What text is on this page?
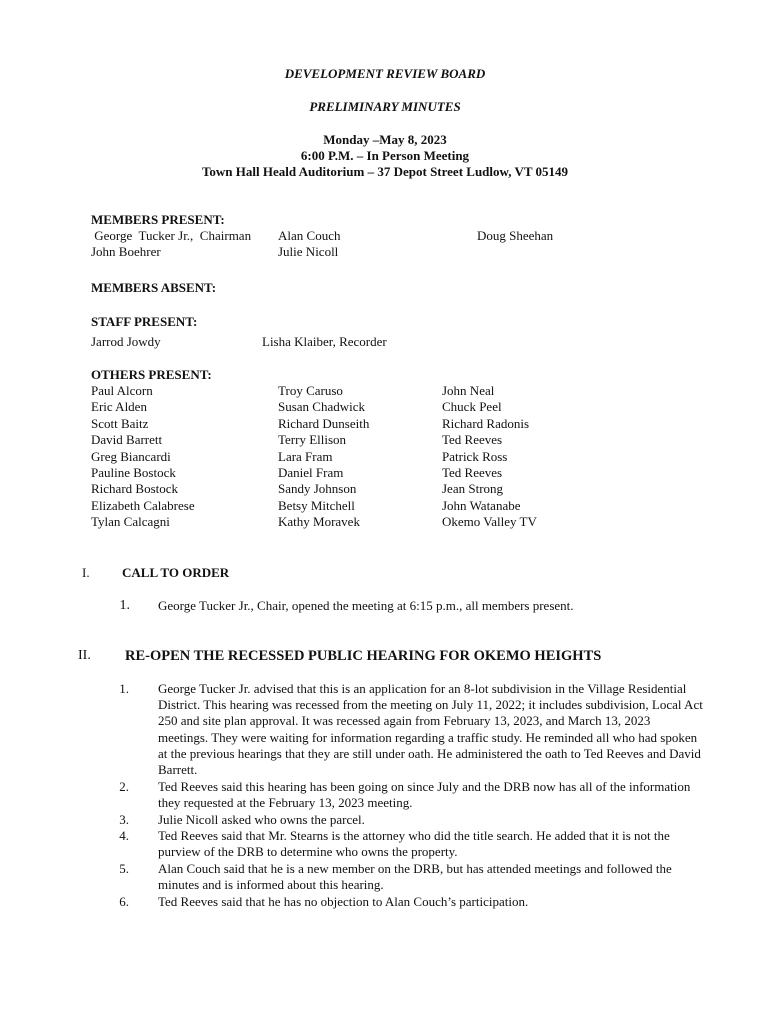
DEVELOPMENT REVIEW BOARD
PRELIMINARY MINUTES
Monday –May 8, 2023
6:00 P.M. – In Person Meeting
Town Hall Heald Auditorium – 37 Depot Street Ludlow, VT 05149
MEMBERS PRESENT:
George  Tucker Jr.,  Chairman
John Boehrer
Alan Couch
Julie Nicoll
Doug Sheehan
MEMBERS ABSENT:
STAFF PRESENT:
Jarrod Jowdy	Lisha Klaiber, Recorder
OTHERS PRESENT:
Paul Alcorn
Eric Alden
Scott Baitz
David Barrett
Greg Biancardi
Pauline Bostock
Richard Bostock
Elizabeth Calabrese
Tylan Calcagni
Troy Caruso
Susan Chadwick
Richard Dunseith
Terry Ellison
Lara Fram
Daniel Fram
Sandy Johnson
Betsy Mitchell
Kathy Moravek
John Neal
Chuck Peel
Richard Radonis
Ted Reeves
Patrick Ross
Ted Reeves
Jean Strong
John Watanabe
Okemo Valley TV
I. CALL TO ORDER
1. George Tucker Jr., Chair, opened the meeting at 6:15 p.m., all members present.
II. RE-OPEN THE RECESSED PUBLIC HEARING FOR OKEMO HEIGHTS
1. George Tucker Jr. advised that this is an application for an 8-lot subdivision in the Village Residential District. This hearing was recessed from the meeting on July 11, 2022; it includes subdivision, Local Act 250 and site plan approval. It was recessed again from February 13, 2023, and March 13, 2023 meetings. They were waiting for information regarding a traffic study. He reminded all who had spoken at the previous hearings that they are still under oath. He administered the oath to Ted Reeves and David Barrett.
2. Ted Reeves said this hearing has been going on since July and the DRB now has all of the information they requested at the February 13, 2023 meeting.
3. Julie Nicoll asked who owns the parcel.
4. Ted Reeves said that Mr. Stearns is the attorney who did the title search. He added that it is not the purview of the DRB to determine who owns the property.
5. Alan Couch said that he is a new member on the DRB, but has attended meetings and followed the minutes and is informed about this hearing.
6. Ted Reeves said that he has no objection to Alan Couch’s participation.
